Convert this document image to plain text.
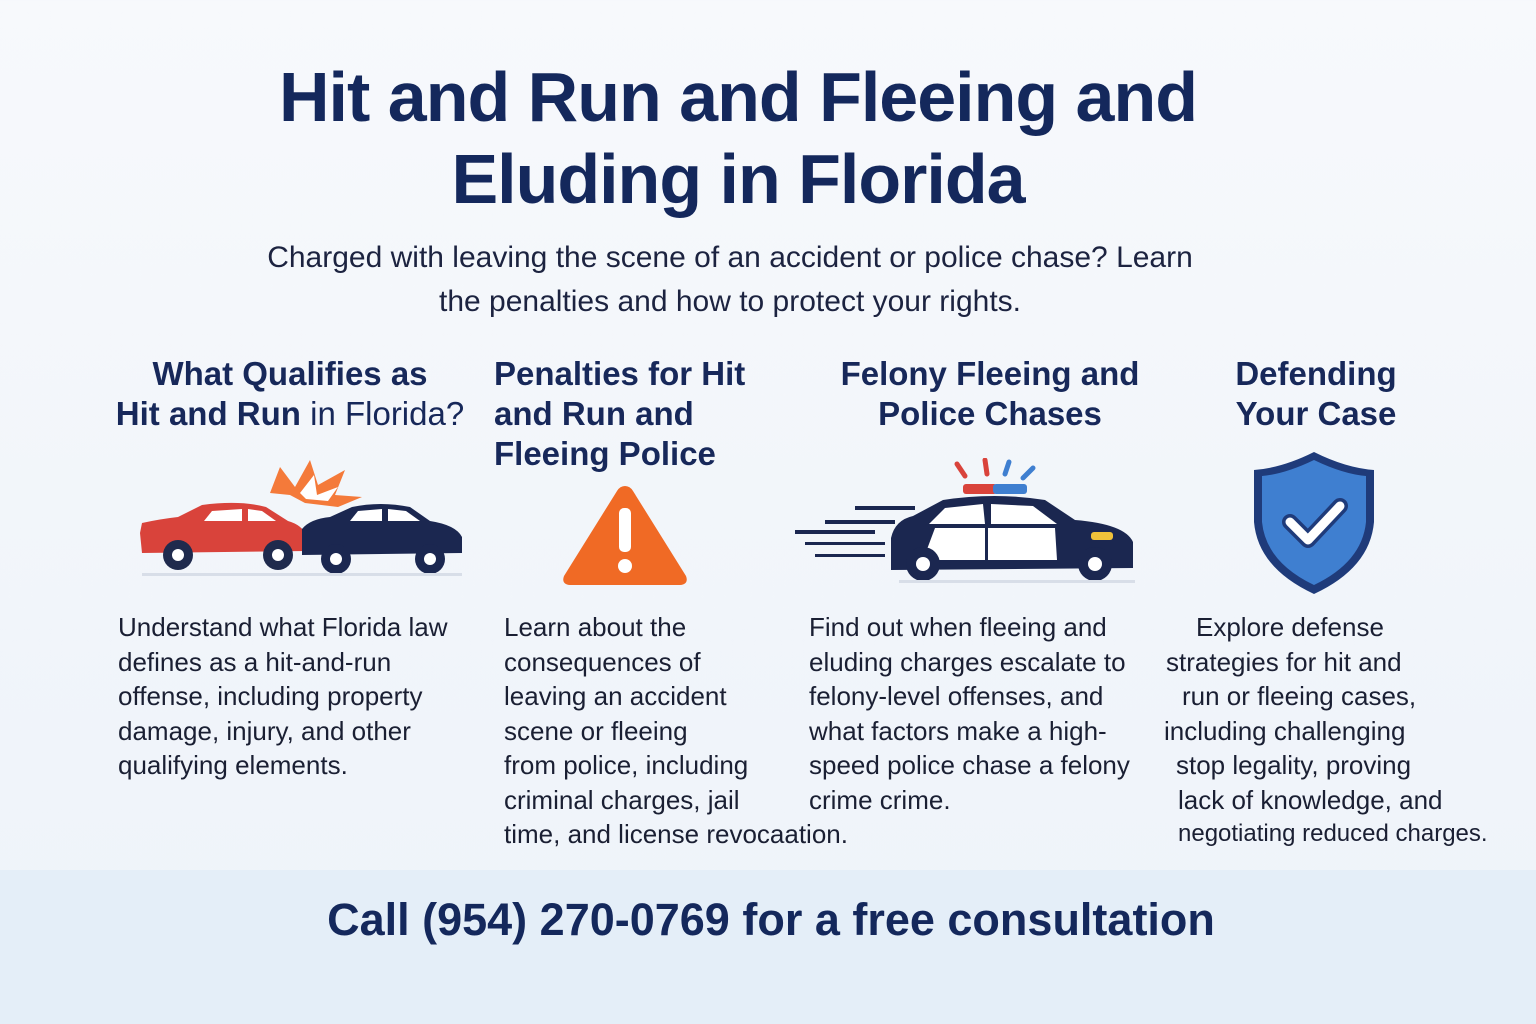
Hit and Run and Fleeing and
Eluding in Florida

Charged with leaving the scene of an accident or police chase? Learn
the penalties and how to protect your rights.

What Qualifies as
Hit and Run in Florida?

Understand what Florida law
defines as a hit-and-run
offense, including property
damage, injury, and other
qualifying elements.

Penalties for Hit
and Run and
Fleeing Police

Learn about the
consequences of
leaving an accident
scene or fleeing
from police, including
criminal charges, jail
time, and license revocaation.

Felony Fleeing and
Police Chases

Find out when fleeing and
eluding charges escalate to
felony-level offenses, and
what factors make a high-
speed police chase a felony
crime crime.

Defending
Your Case

Explore defense
strategies for hit and
run or fleeing cases,
including challenging
stop legality, proving
lack of knowledge, and
negotiating reduced charges.

Call (954) 270-0769 for a free consultation
